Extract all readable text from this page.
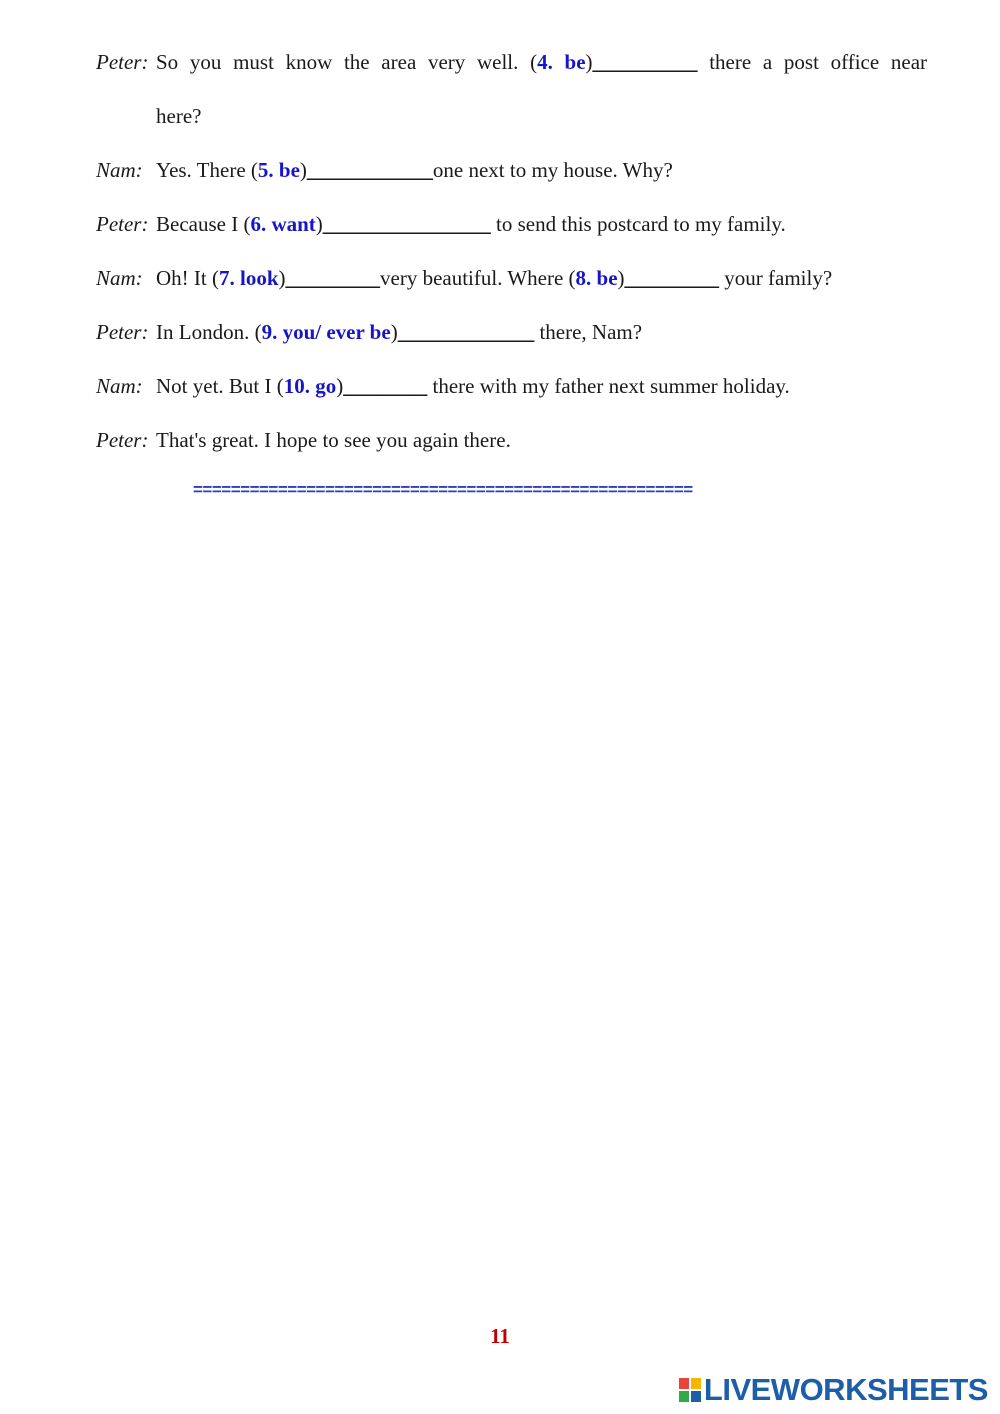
Peter: So you must know the area very well. (4. be)__________ there a post office near
here?
Nam: Yes. There (5. be)____________one next to my house. Why?
Peter: Because I (6. want)________________ to send this postcard to my family.
Nam: Oh! It (7. look)_________very beautiful. Where (8. be)_________ your family?
Peter: In London. (9. you/ ever be)_____________ there, Nam?
Nam: Not yet. But I (10. go)________ there with my father next summer holiday.
Peter: That's great. I hope to see you again there.
=====================================================
11
LIVEWORKSHEETS
